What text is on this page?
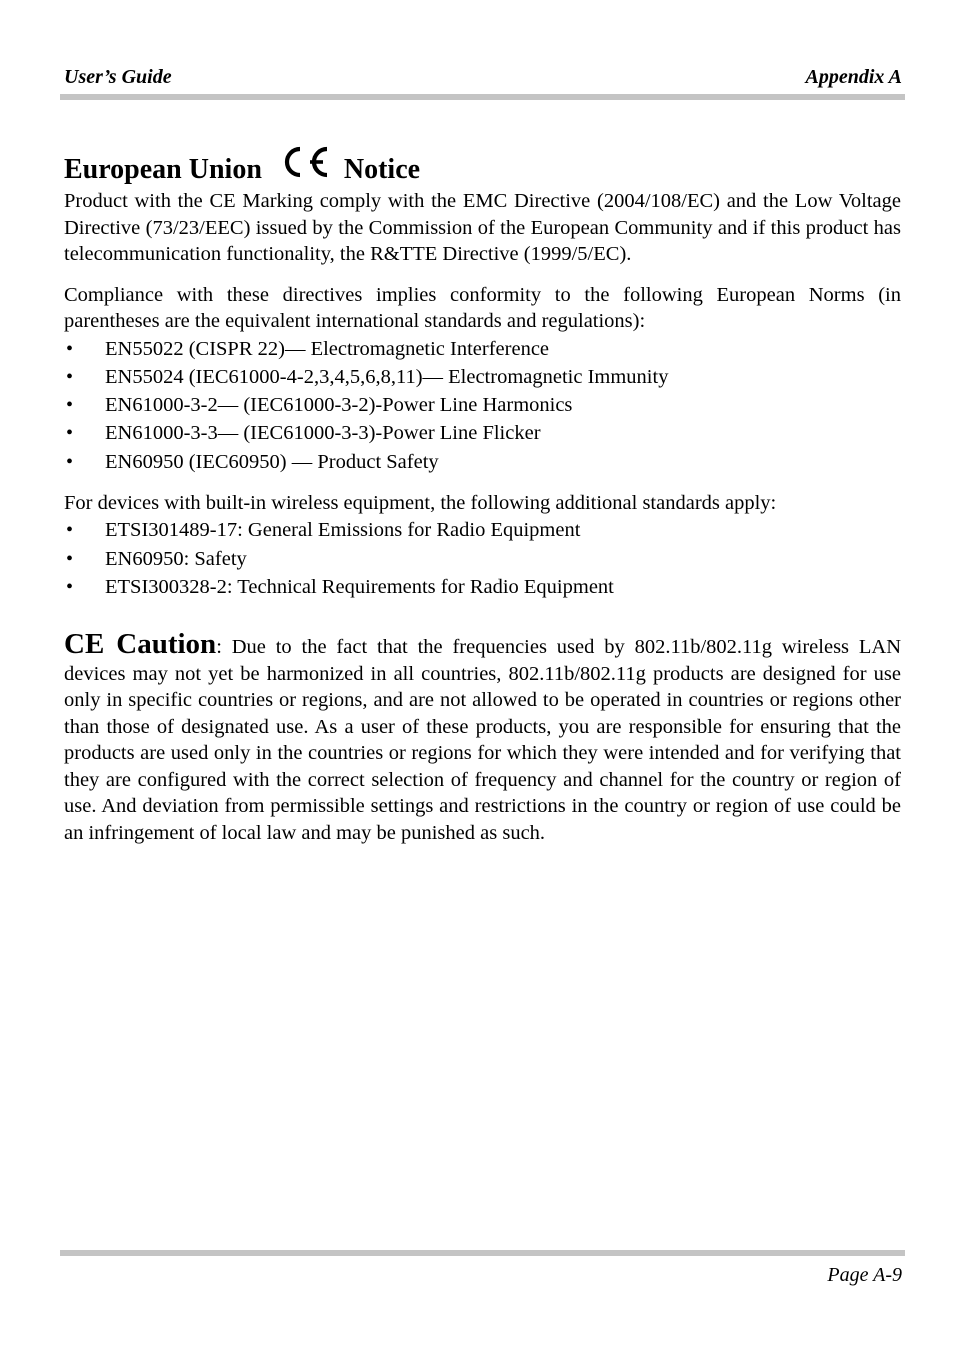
User’s Guide	Appendix A
European Union	Notice

Product with the CE Marking comply with the EMC Directive (2004/108/EC) and the Low Voltage Directive (73/23/EEC) issued by the Commission of the European Community and if this product has telecommunication functionality, the R&TTE Directive (1999/5/EC).

Compliance with these directives implies conformity to the following European Norms (in parentheses are the equivalent international standards and regulations):

• EN55022 (CISPR 22)— Electromagnetic Interference
• EN55024 (IEC61000-4-2,3,4,5,6,8,11)— Electromagnetic Immunity
• EN61000-3-2— (IEC61000-3-2)-Power Line Harmonics
• EN61000-3-3— (IEC61000-3-3)-Power Line Flicker
• EN60950 (IEC60950) — Product Safety

For devices with built-in wireless equipment, the following additional standards apply:

• ETSI301489-17: General Emissions for Radio Equipment
• EN60950: Safety
• ETSI300328-2: Technical Requirements for Radio Equipment

CE Caution: Due to the fact that the frequencies used by 802.11b/802.11g wireless LAN devices may not yet be harmonized in all countries, 802.11b/802.11g products are designed for use only in specific countries or regions, and are not allowed to be operated in countries or regions other than those of designated use. As a user of these products, you are responsible for ensuring that the products are used only in the countries or regions for which they were intended and for verifying that they are configured with the correct selection of frequency and channel for the country or region of use. And deviation from permissible settings and restrictions in the country or region of use could be an infringement of local law and may be punished as such.

Page A-9
